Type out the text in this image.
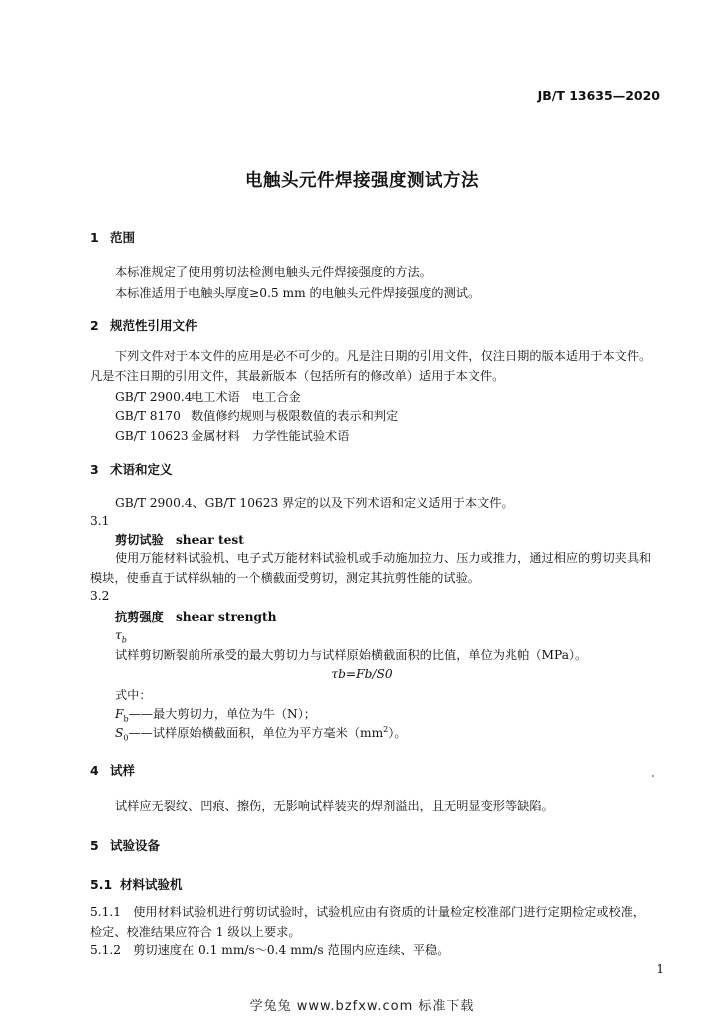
JB/T 13635—2020
电触头元件焊接强度测试方法
1 范围
本标准规定了使用剪切法检测电触头元件焊接强度的方法。
本标准适用于电触头厚度≥0.5 mm 的电触头元件焊接强度的测试。
2 规范性引用文件
下列文件对于本文件的应用是必不可少的。凡是注日期的引用文件，仅注日期的版本适用于本文件。凡是不注日期的引用文件，其最新版本（包括所有的修改单）适用于本文件。
GB/T 2900.4电工术语　电工合金
GB/T 8170 数值修约规则与极限数值的表示和判定
GB/T 10623 金属材料　力学性能试验术语
3 术语和定义
GB/T 2900.4、GB/T 10623 界定的以及下列术语和定义适用于本文件。
3.1
剪切试验　 shear test
使用万能材料试验机、电子式万能材料试验机或手动施加拉力、压力或推力，通过相应的剪切夹具和模块，使垂直于试样纵轴的一个横截面受剪切，测定其抗剪性能的试验。
3.2
抗剪强度　 shear strength
$\tau_b$
试样剪切断裂前所承受的最大剪切力与试样原始横截面积的比值，单位为兆帕（MPa）。
τb=Fb/S0
式中：
$F_b——$最大剪切力，单位为牛（N）；
$S_0——$试样原始横截面积，单位为平方毫米$(mm^2)$。
4 试样
试样应无裂纹、凹痕、擦伤，无影响试样装夹的焊剂溢出，且无明显变形等缺陷。
5 试验设备
5.1 材料试验机
5.1.1　 使用材料试验机进行剪切试验时，试验机应由有资质的计量检定校准部门进行定期检定或校准，检定、校准结果应符合 1 级以上要求。
5.1.2　 剪切速度在 0.1 mm/s～0.4 mm/s 范围内应连续、平稳。
1
学兔兔 www.bzfxw.com 标准下载
